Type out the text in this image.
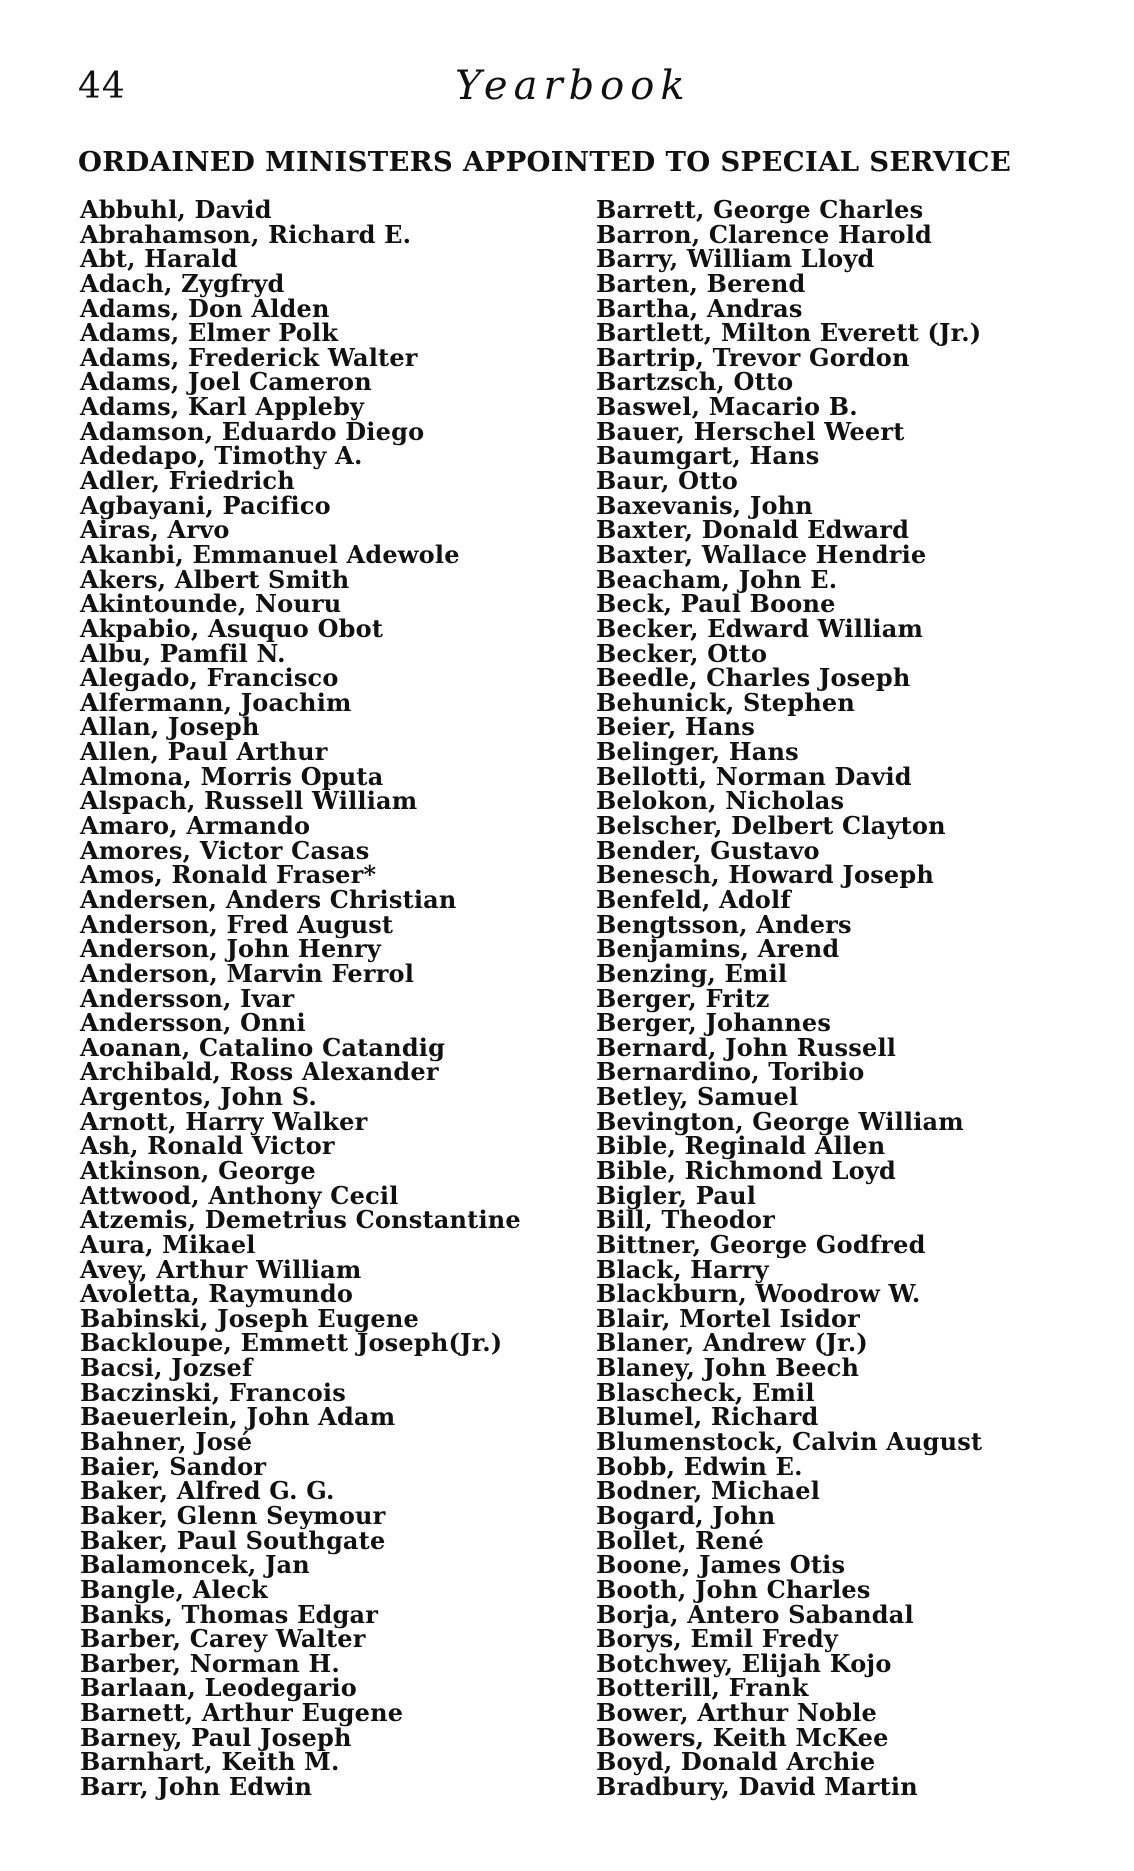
44	Yearbook
ORDAINED MINISTERS APPOINTED TO SPECIAL SERVICE
Abbuhl, David
Abrahamson, Richard E.
Abt, Harald
Adach, Zygfryd
Adams, Don Alden
Adams, Elmer Polk
Adams, Frederick Walter
Adams, Joel Cameron
Adams, Karl Appleby
Adamson, Eduardo Diego
Adedapo, Timothy A.
Adler, Friedrich
Agbayani, Pacifico
Airas, Arvo
Akanbi, Emmanuel Adewole
Akers, Albert Smith
Akintounde, Nouru
Akpabio, Asuquo Obot
Albu, Pamfil N.
Alegado, Francisco
Alfermann, Joachim
Allan, Joseph
Allen, Paul Arthur
Almona, Morris Oputa
Alspach, Russell William
Amaro, Armando
Amores, Victor Casas
Amos, Ronald Fraser*
Andersen, Anders Christian
Anderson, Fred August
Anderson, John Henry
Anderson, Marvin Ferrol
Andersson, Ivar
Andersson, Onni
Aoanan, Catalino Catandig
Archibald, Ross Alexander
Argentos, John S.
Arnott, Harry Walker
Ash, Ronald Victor
Atkinson, George
Attwood, Anthony Cecil
Atzemis, Demetrius Constantine
Aura, Mikael
Avey, Arthur William
Avoletta, Raymundo
Babinski, Joseph Eugene
Backloupe, Emmett Joseph(Jr.)
Bacsi, Jozsef
Baczinski, Francois
Baeuerlein, John Adam
Bahner, José
Baier, Sandor
Baker, Alfred G. G.
Baker, Glenn Seymour
Baker, Paul Southgate
Balamoncek, Jan
Bangle, Aleck
Banks, Thomas Edgar
Barber, Carey Walter
Barber, Norman H.
Barlaan, Leodegario
Barnett, Arthur Eugene
Barney, Paul Joseph
Barnhart, Keith M.
Barr, John Edwin
Barrett, George Charles
Barron, Clarence Harold
Barry, William Lloyd
Barten, Berend
Bartha, Andras
Bartlett, Milton Everett (Jr.)
Bartrip, Trevor Gordon
Bartzsch, Otto
Baswel, Macario B.
Bauer, Herschel Weert
Baumgart, Hans
Baur, Otto
Baxevanis, John
Baxter, Donald Edward
Baxter, Wallace Hendrie
Beacham, John E.
Beck, Paul Boone
Becker, Edward William
Becker, Otto
Beedle, Charles Joseph
Behunick, Stephen
Beier, Hans
Belinger, Hans
Bellotti, Norman David
Belokon, Nicholas
Belscher, Delbert Clayton
Bender, Gustavo
Benesch, Howard Joseph
Benfeld, Adolf
Bengtsson, Anders
Benjamins, Arend
Benzing, Emil
Berger, Fritz
Berger, Johannes
Bernard, John Russell
Bernardino, Toribio
Betley, Samuel
Bevington, George William
Bible, Reginald Allen
Bible, Richmond Loyd
Bigler, Paul
Bill, Theodor
Bittner, George Godfred
Black, Harry
Blackburn, Woodrow W.
Blair, Mortel Isidor
Blaner, Andrew (Jr.)
Blaney, John Beech
Blascheck, Emil
Blumel, Richard
Blumenstock, Calvin August
Bobb, Edwin E.
Bodner, Michael
Bogard, John
Bollet, René
Boone, James Otis
Booth, John Charles
Borja, Antero Sabandal
Borys, Emil Fredy
Botchwey, Elijah Kojo
Botterill, Frank
Bower, Arthur Noble
Bowers, Keith McKee
Boyd, Donald Archie
Bradbury, David Martin
